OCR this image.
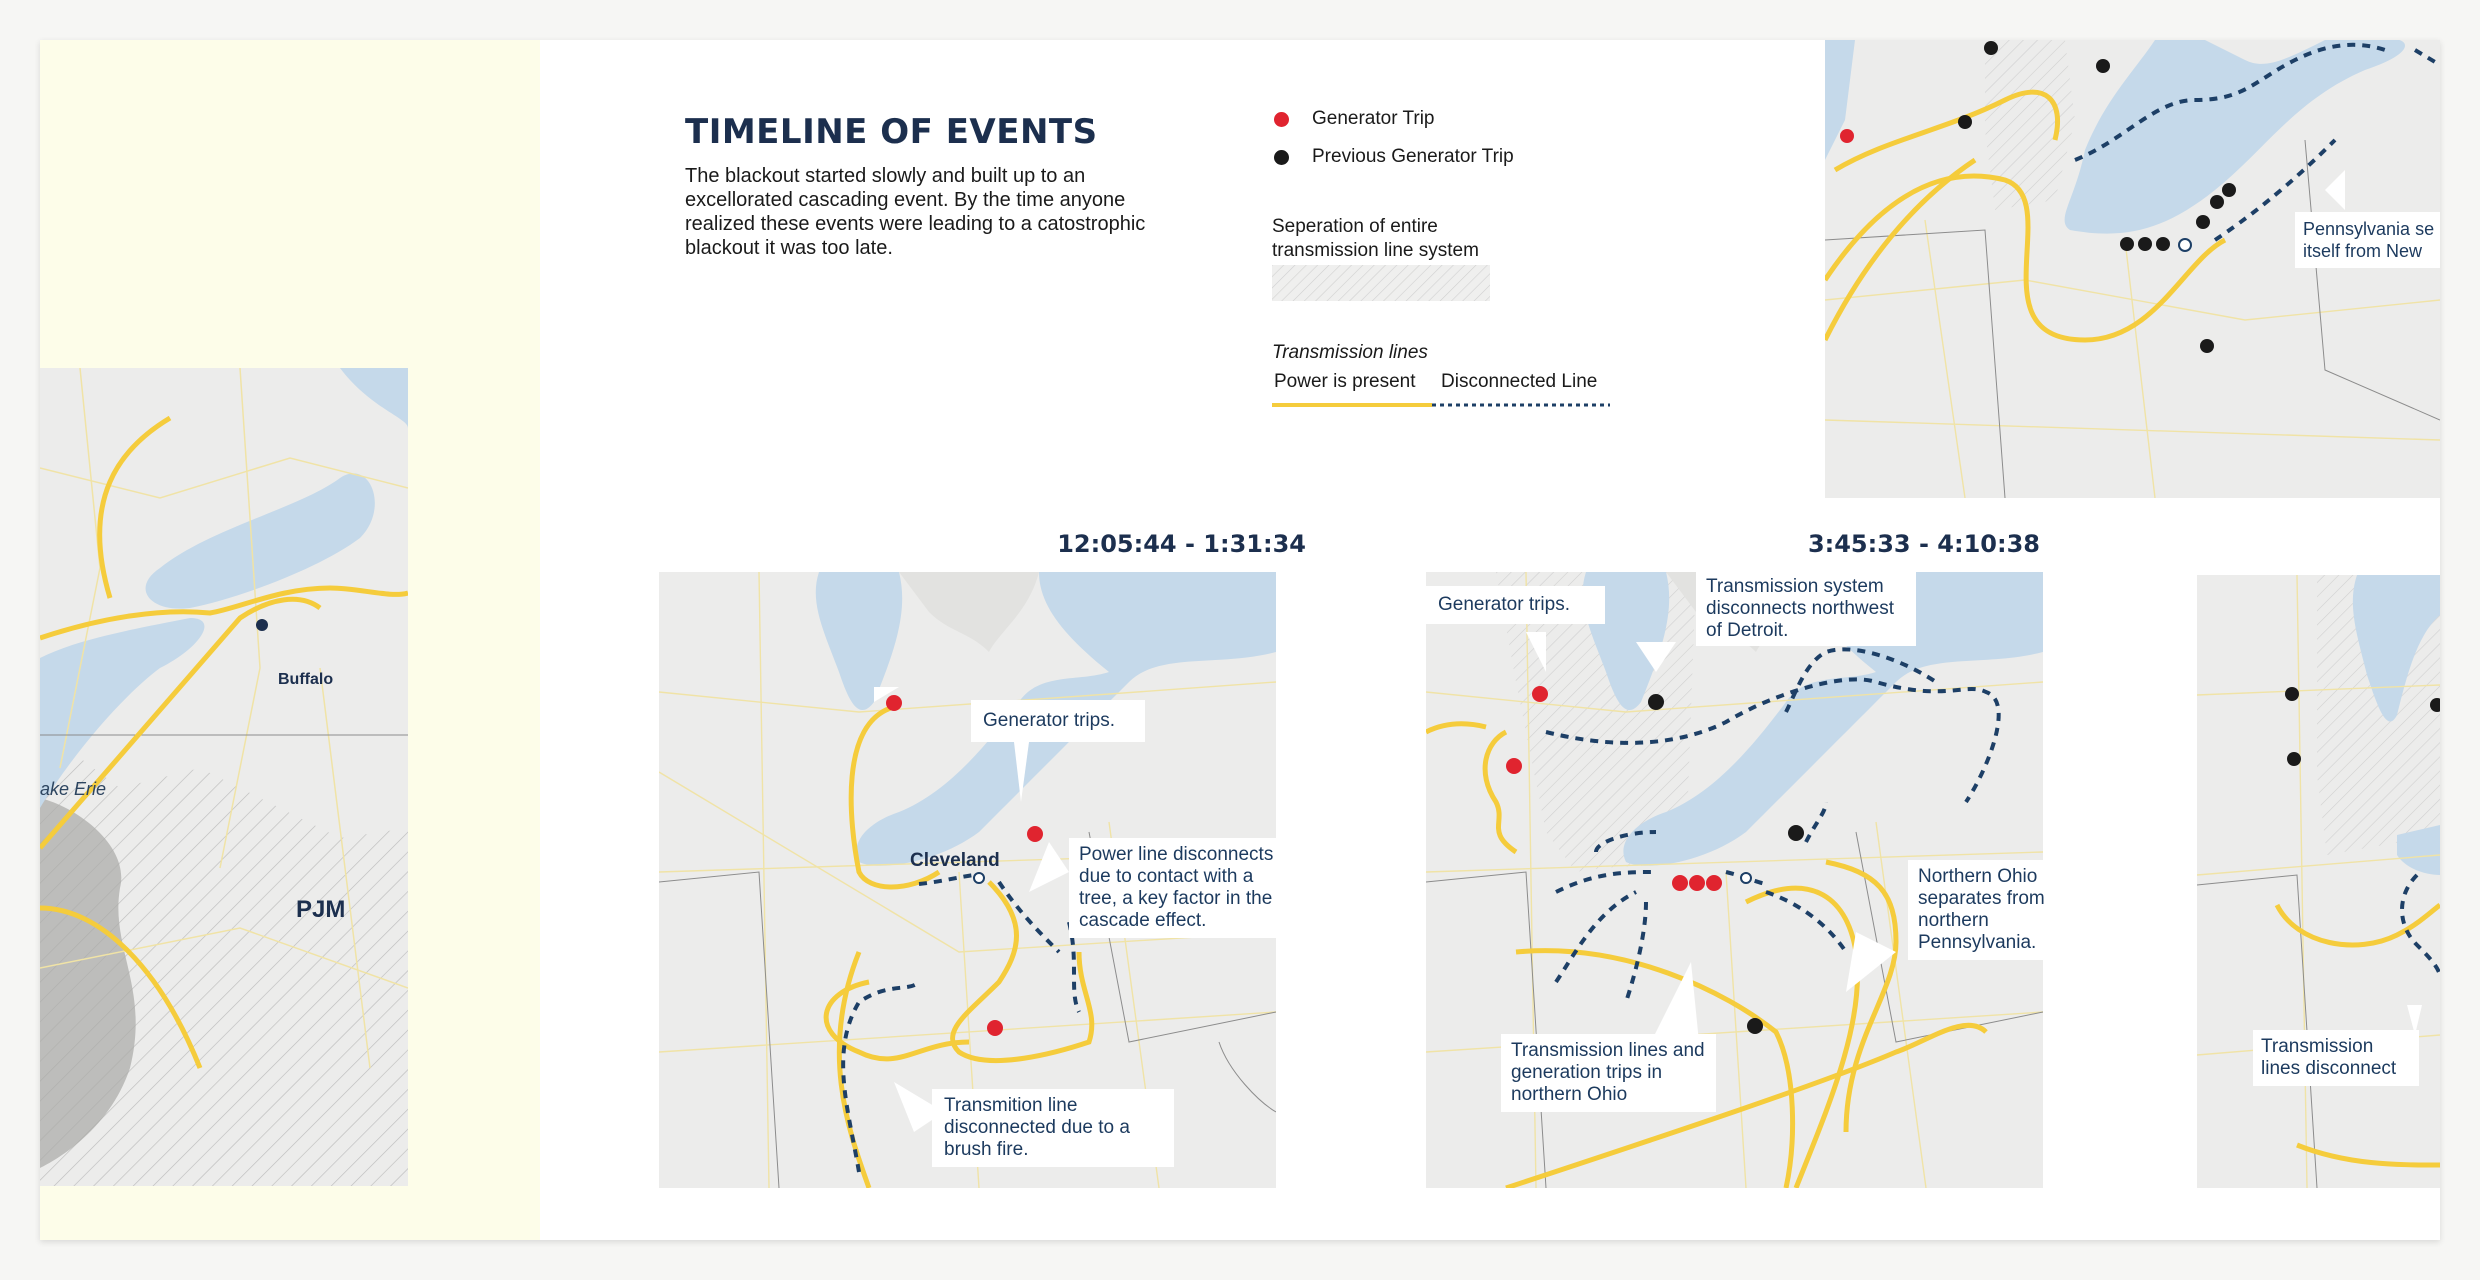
Buffalo
ake Erie
PJM
TIMELINE OF EVENTS
The blackout started slowly and built up to an excellorated cascading event. By the time anyone realized these events were leading to a catostrophic blackout it was too late.
Generator Trip
Previous Generator Trip
Seperation of entire transmission line system
Transmission lines
Power is present Disconnected Line
Pennsylvania se itself from New
12:05:44 - 1:31:34
Cleveland
Generator trips.
Transmition line disconnected due to a brush fire.
Power line disconnects due to contact with a tree, a key factor in the cascade effect.
3:45:33 - 4:10:38
Generator trips.
Transmission system disconnects northwest of Detroit.
Transmission lines and generation trips in northern Ohio
Northern Ohio separates from northern Pennsylvania.
Transmission lines disconnect
